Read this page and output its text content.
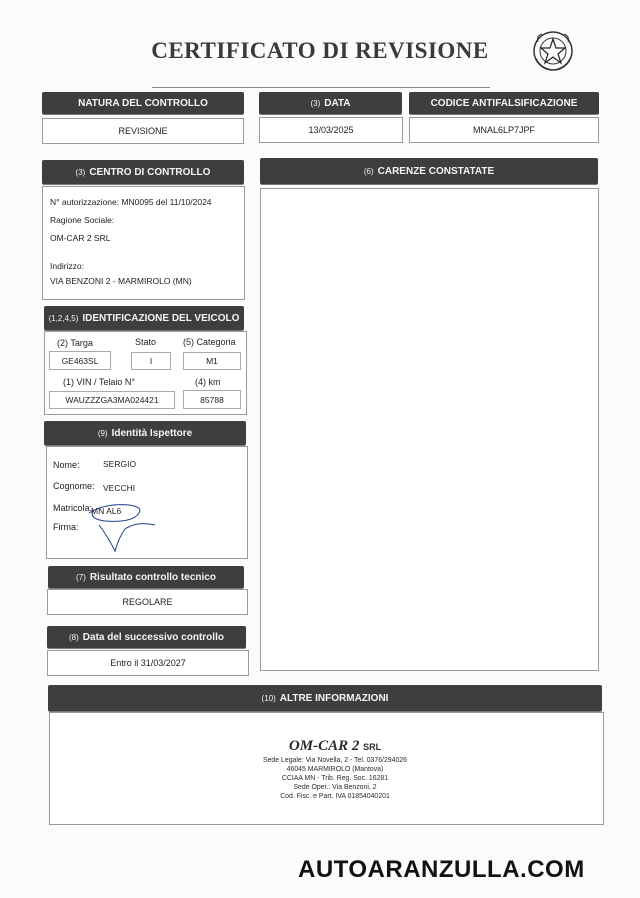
CERTIFICATO DI REVISIONE
NATURA DEL CONTROLLO	(3) DATA	CODICE ANTIFALSIFICAZIONE
REVISIONE	13/03/2025	MNAL6LP7JPF
(3) CENTRO DI CONTROLLO
N° autorizzazione: MN0095 del 11/10/2024
Ragione Sociale:
OM-CAR 2 SRL
Indirizzo:
VIA BENZONI 2 - MARMIROLO (MN)
(6) CARENZE CONSTATATE
(1,2,4,5) IDENTIFICAZIONE DEL VEICOLO
(2) Targa	Stato	(5) Categoria
GE463SL	I	M1
(1) VIN / Telaio N°	(4) km
WAUZZZGA3MA024421	85788
(9) Identità Ispettore
Nome:	SERGIO
Cognome: VECCHI
Matricola:
MN AL6
Firma:
(7) Risultato controllo tecnico
REGOLARE
(8) Data del successivo controllo
Entro il 31/03/2027
(10) ALTRE INFORMAZIONI
OM-CAR 2 SRL
Sede Legale: Via Novella, 2 - Tel. 0376/294026
46045 MARMIROLO (Mantova)
CCIAA MN - Trib. Reg. Soc. 16281
Sede Oper.: Via Benzoni, 2
Cod. Fisc. e Part. IVA 01854040201
AUTOARANZULLA.COM
